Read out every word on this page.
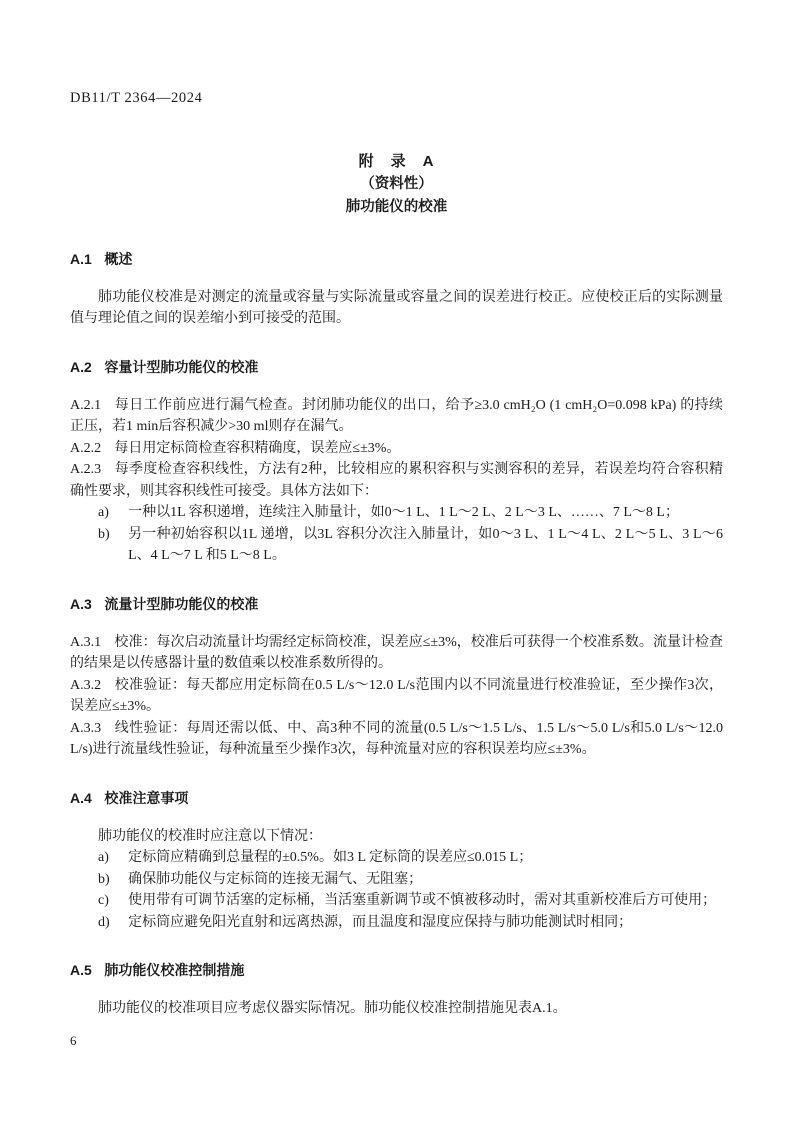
DB11/T 2364—2024
附　录　A
（资料性）
肺功能仪的校准
A.1 概述

肺功能仪校准是对测定的流量或容量与实际流量或容量之间的误差进行校正。应使校正后的实际测量值与理论值之间的误差缩小到可接受的范围。

A.2 容量计型肺功能仪的校准

A.2.1 每日工作前应进行漏气检查。封闭肺功能仪的出口，给予≥3.0 cmH₂O (1 cmH₂O=0.098 kPa) 的持续正压，若1 min后容积减少>30 ml则存在漏气。

A.2.2 每日用定标筒检查容积精确度，误差应≤±3%。

A.2.3 每季度检查容积线性，方法有2种，比较相应的累积容积与实测容积的差异，若误差均符合容积精确性要求，则其容积线性可接受。具体方法如下：

a)	一种以1L 容积递增，连续注入肺量计，如0～1 L、1 L～2 L、2 L～3 L、……、7 L～8 L；
b)	另一种初始容积以1L 递增，以3L 容积分次注入肺量计，如0～3 L、1 L～4 L、2 L～5 L、3 L～6 L、4 L～7 L 和5 L～8 L。
A.3 流量计型肺功能仪的校准

A.3.1 校准：每次启动流量计均需经定标筒校准，误差应≤±3%，校准后可获得一个校准系数。流量计检查的结果是以传感器计量的数值乘以校准系数所得的。

A.3.2 校准验证：每天都应用定标筒在0.5 L/s～12.0 L/s范围内以不同流量进行校准验证，至少操作3次，误差应≤±3%。

A.3.3 线性验证：每周还需以低、中、高3种不同的流量(0.5 L/s～1.5 L/s、1.5 L/s～5.0 L/s和5.0 L/s～12.0 L/s)进行流量线性验证，每种流量至少操作3次，每种流量对应的容积误差均应≤±3%。

A.4 校准注意事项

肺功能仪的校准时应注意以下情况：

a)	定标筒应精确到总量程的±0.5%。如3 L 定标筒的误差应≤0.015 L；
b)	确保肺功能仪与定标筒的连接无漏气、无阻塞；
c)	使用带有可调节活塞的定标桶，当活塞重新调节或不慎被移动时，需对其重新校准后方可使用；
d)	定标筒应避免阳光直射和远离热源，而且温度和湿度应保持与肺功能测试时相同；
A.5 肺功能仪校准控制措施

肺功能仪的校准项目应考虑仪器实际情况。肺功能仪校准控制措施见表A.1。

6
